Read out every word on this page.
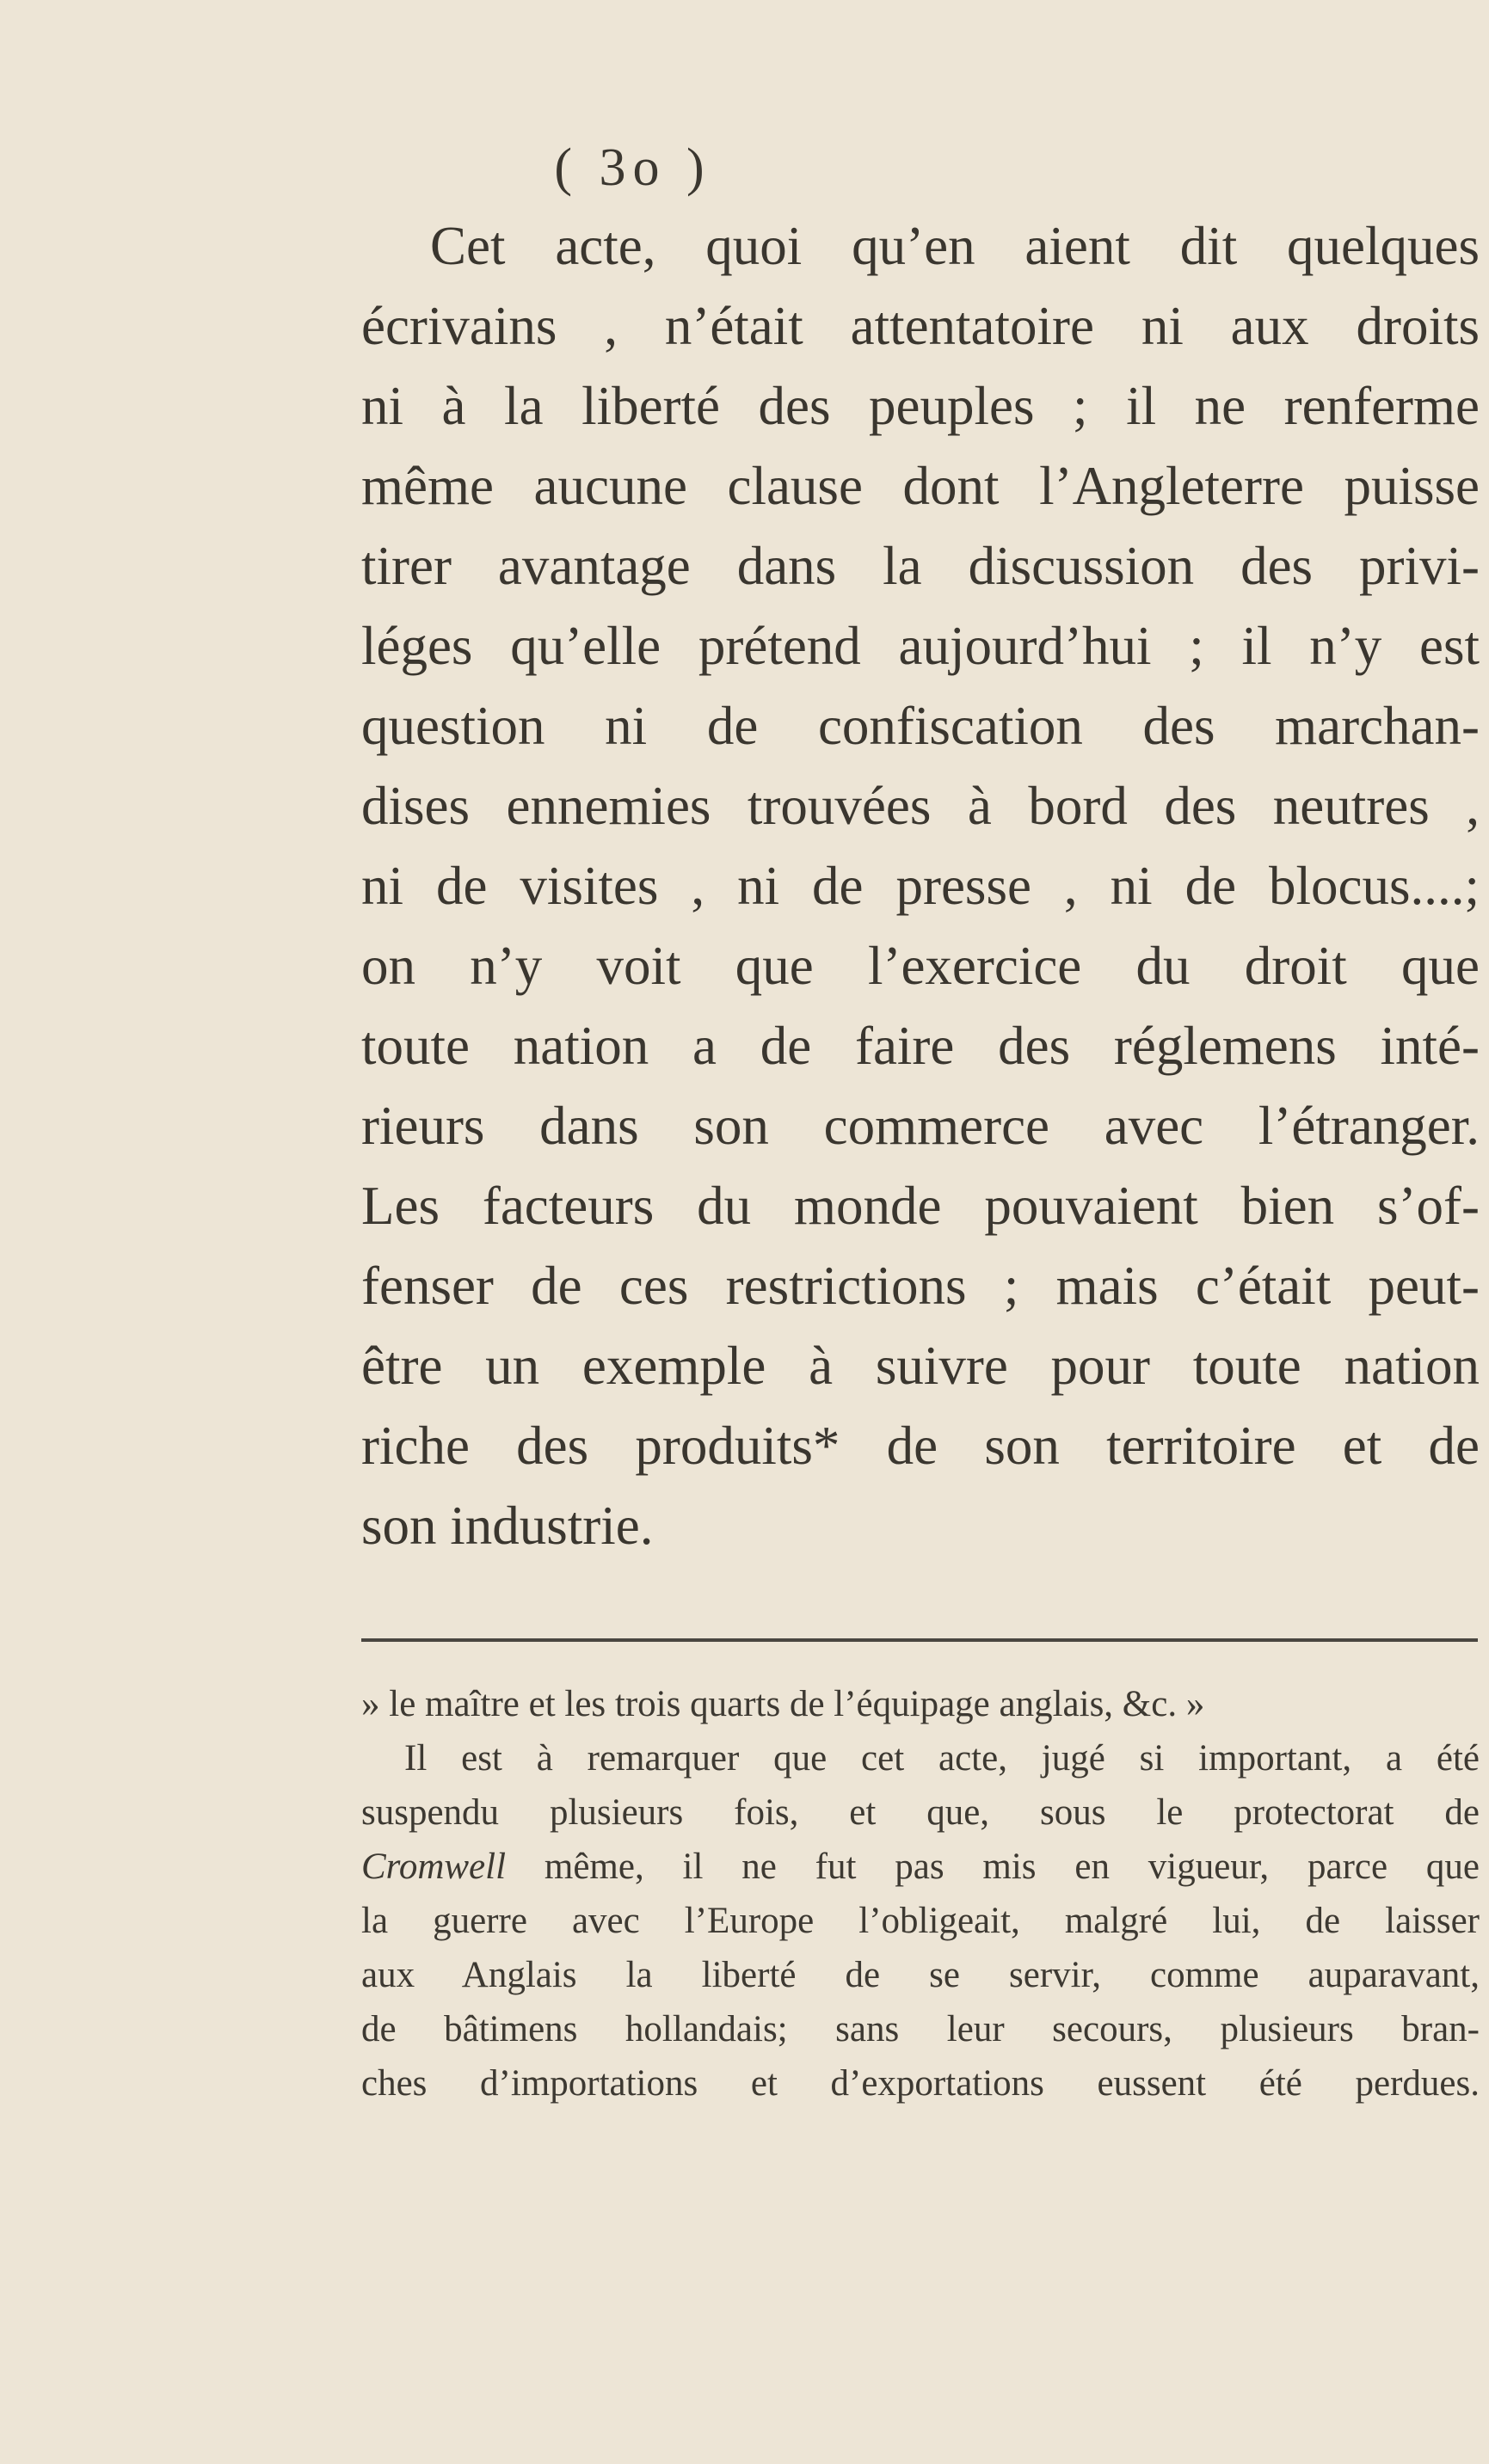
( 3o )
Cet acte, quoi qu’en aient dit quelques
écrivains , n’était attentatoire ni aux droits
ni à la liberté des peuples ; il ne renferme
même aucune clause dont l’Angleterre puisse
tirer avantage dans la discussion des privi-
léges qu’elle prétend aujourd’hui ; il n’y est
question ni de confiscation des marchan-
dises ennemies trouvées à bord des neutres ,
ni de visites , ni de presse , ni de blocus....;
on n’y voit que l’exercice du droit que
toute nation a de faire des réglemens inté-
rieurs dans son commerce avec l’étranger.
Les facteurs du monde pouvaient bien s’of-
fenser de ces restrictions ; mais c’était peut-
être un exemple à suivre pour toute nation
riche des produits* de son territoire et de
son industrie.
» le maître et les trois quarts de l’équipage anglais, &c. »
Il est à remarquer que cet acte, jugé si important, a été
suspendu plusieurs fois, et que, sous le protectorat de
Cromwell même, il ne fut pas mis en vigueur, parce que
la guerre avec l’Europe l’obligeait, malgré lui, de laisser
aux Anglais la liberté de se servir, comme auparavant,
de bâtimens hollandais; sans leur secours, plusieurs bran-
ches d’importations et d’exportations eussent été perdues.
